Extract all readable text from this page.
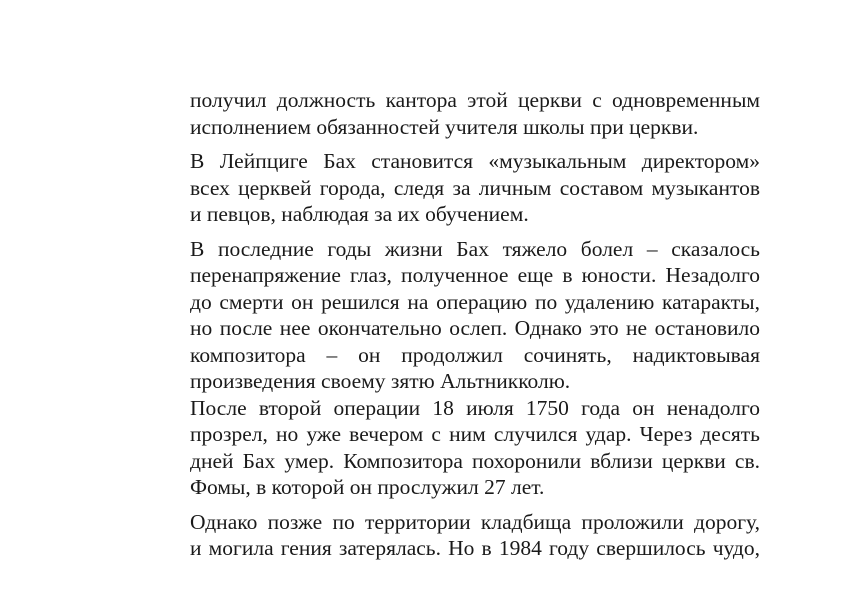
получил должность кантора этой церкви с одновременным
исполнением обязанностей учителя школы при церкви.
В Лейпциге Бах становится «музыкальным директором»
всех церквей города, следя за личным составом музыкантов
и певцов, наблюдая за их обучением.
В последние годы жизни Бах тяжело болел – сказалось
перенапряжение глаз, полученное еще в юности. Незадолго
до смерти он решился на операцию по удалению катаракты,
но после нее окончательно ослеп. Однако это не остановило
композитора – он продолжил сочинять, надиктовывая
произведения своему зятю Альтникколю.
После второй операции 18 июля 1750 года он ненадолго
прозрел, но уже вечером с ним случился удар. Через десять
дней Бах умер. Композитора похоронили вблизи церкви св.
Фомы, в которой он прослужил 27 лет.
Однако позже по территории кладбища проложили дорогу,
и могила гения затерялась. Но в 1984 году свершилось чудо,
